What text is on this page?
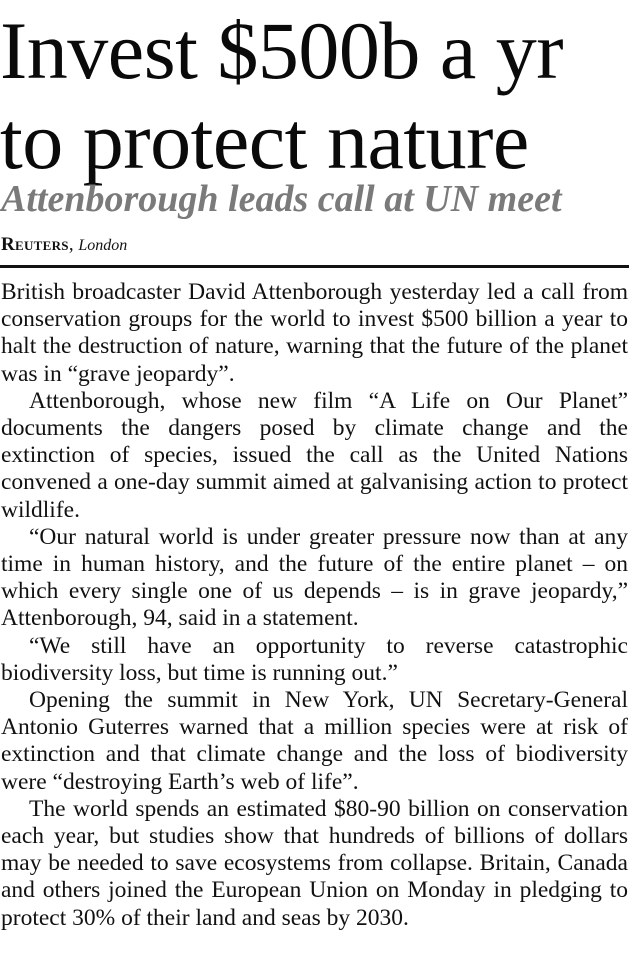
Invest $500b a yr
to protect nature
Attenborough leads call at UN meet
Reuters, London

British broadcaster David Attenborough yesterday led a call from conservation groups for the world to invest $500 billion a year to halt the destruction of nature, warning that the future of the planet was in “grave jeopardy”.

Attenborough, whose new film “A Life on Our Planet” documents the dangers posed by climate change and the extinction of species, issued the call as the United Nations convened a one-day summit aimed at galvanising action to protect wildlife.

“Our natural world is under greater pressure now than at any time in human history, and the future of the entire planet – on which every single one of us depends – is in grave jeopardy,” Attenborough, 94, said in a statement.

“We still have an opportunity to reverse catastrophic biodiversity loss, but time is running out.”

Opening the summit in New York, UN Secretary-General Antonio Guterres warned that a million species were at risk of extinction and that climate change and the loss of biodiversity were “destroying Earth’s web of life”.

The world spends an estimated $80-90 billion on conservation each year, but studies show that hundreds of billions of dollars may be needed to save ecosystems from collapse. Britain, Canada and others joined the European Union on Monday in pledging to protect 30% of their land and seas by 2030.
